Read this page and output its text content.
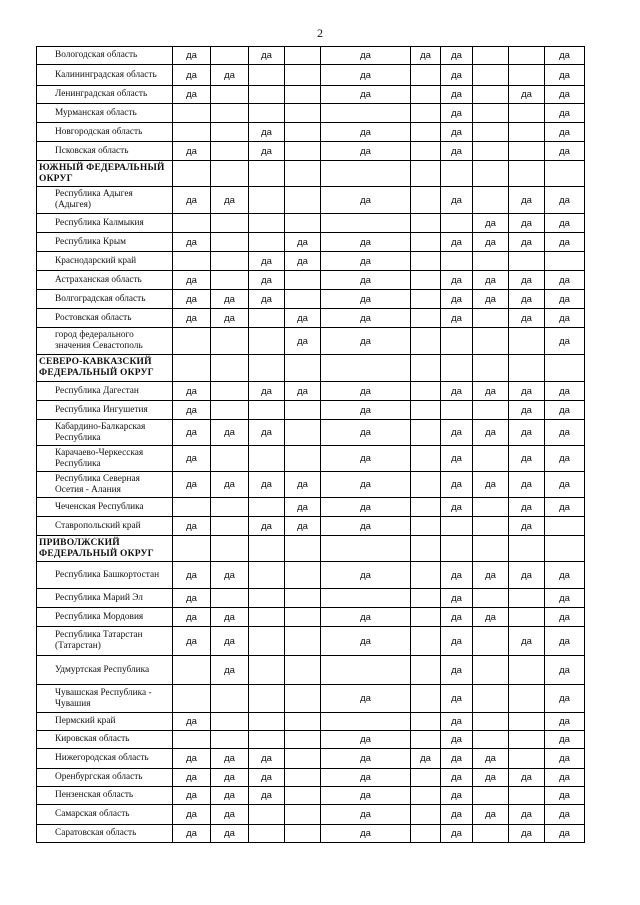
2
Вологодская область	да		да		да	да	да			да
Калининградская область	да	да			да		да			да
Ленинградская область	да				да		да		да	да
Мурманская область							да			да
Новгородская область			да		да		да			да
Псковская область	да		да		да		да			да
ЮЖНЫЙ ФЕДЕРАЛЬНЫЙ ОКРУГ										
Республика Адыгея (Адыгея)	да	да			да		да		да	да
Республика Калмыкия								да	да	да
Республика Крым	да			да	да		да	да	да	да
Краснодарский край			да	да	да					
Астраханская область	да		да		да		да	да	да	да
Волгоградская область	да	да	да		да		да	да	да	да
Ростовская область	да	да		да	да		да		да	да
город федерального значения Севастополь				да	да					да
СЕВЕРО-КАВКАЗСКИЙ ФЕДЕРАЛЬНЫЙ ОКРУГ										
Республика Дагестан	да		да	да	да		да	да	да	да
Республика Ингушетия	да				да				да	да
Кабардино-Балкарская Республика	да	да	да		да		да	да	да	да
Карачаево-Черкесская Республика	да				да		да		да	да
Республика Северная Осетия - Алания	да	да	да	да	да		да	да	да	да
Чеченская Республика				да	да		да		да	да
Ставропольский край	да		да	да	да				да	
ПРИВОЛЖСКИЙ ФЕДЕРАЛЬНЫЙ ОКРУГ										
Республика Башкортостан	да	да			да		да	да	да	да
Республика Марий Эл	да						да			да
Республика Мордовия	да	да			да		да	да		да
Республика Татарстан (Татарстан)	да	да			да		да		да	да
Удмуртская Республика		да					да			да
Чувашская Республика - Чувашия					да		да			да
Пермский край	да						да			да
Кировская область					да		да			да
Нижегородская область	да	да	да		да	да	да	да		да
Оренбургская область	да	да	да		да		да	да	да	да
Пензенская область	да	да	да		да		да			да
Самарская область	да	да			да		да	да	да	да
Саратовская область	да	да			да		да		да	да
